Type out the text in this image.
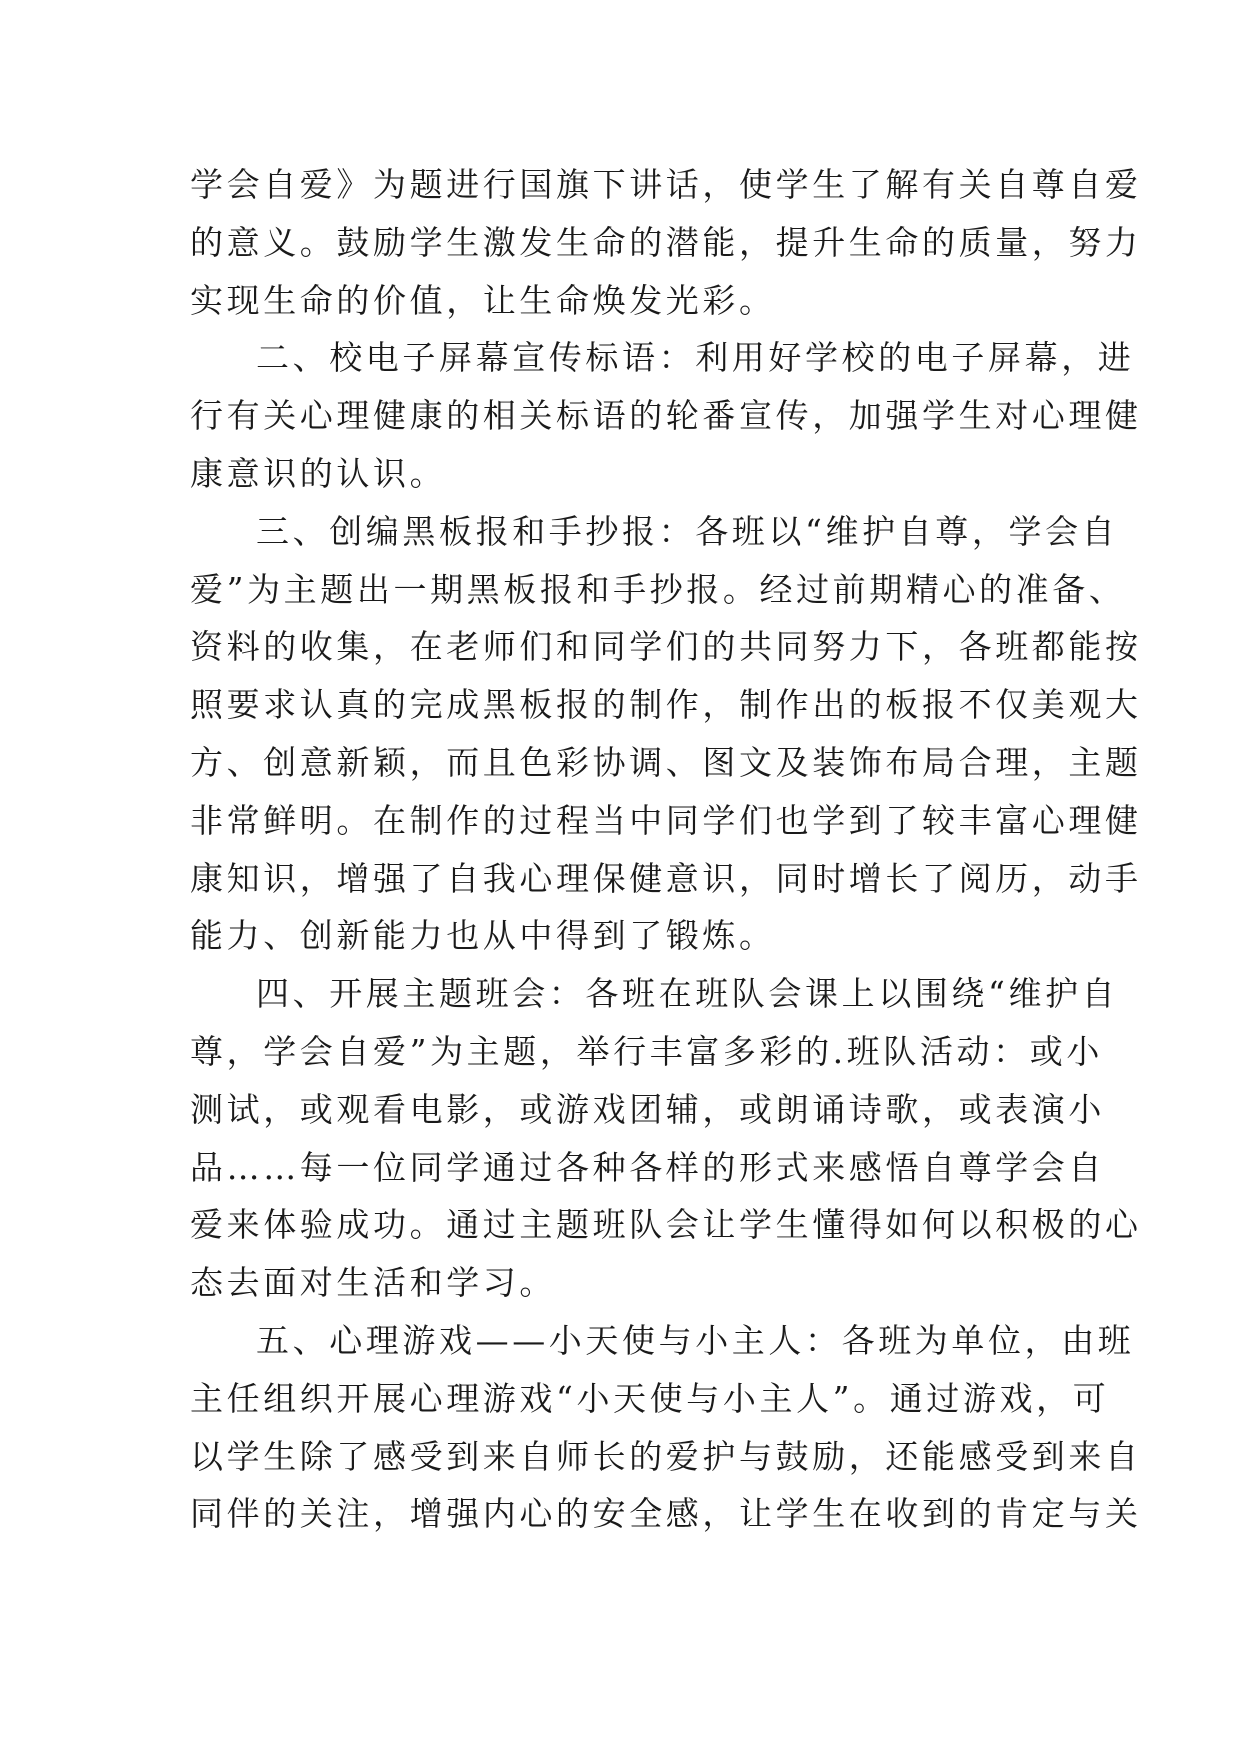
学会自爱》为题进行国旗下讲话，使学生了解有关自尊自爱
的意义。鼓励学生激发生命的潜能，提升生命的质量，努力
实现生命的价值，让生命焕发光彩。
二、校电子屏幕宣传标语：利用好学校的电子屏幕，进
行有关心理健康的相关标语的轮番宣传，加强学生对心理健
康意识的认识。
三、创编黑板报和手抄报：各班以“维护自尊，学会自
爱”为主题出一期黑板报和手抄报。经过前期精心的准备、
资料的收集，在老师们和同学们的共同努力下，各班都能按
照要求认真的完成黑板报的制作，制作出的板报不仅美观大
方、创意新颖，而且色彩协调、图文及装饰布局合理，主题
非常鲜明。在制作的过程当中同学们也学到了较丰富心理健
康知识，增强了自我心理保健意识，同时增长了阅历，动手
能力、创新能力也从中得到了锻炼。
四、开展主题班会：各班在班队会课上以围绕“维护自
尊，学会自爱”为主题，举行丰富多彩的.班队活动：或小
测试，或观看电影，或游戏团辅，或朗诵诗歌，或表演小
品……每一位同学通过各种各样的形式来感悟自尊学会自
爱来体验成功。通过主题班队会让学生懂得如何以积极的心
态去面对生活和学习。
五、心理游戏——小天使与小主人：各班为单位，由班
主任组织开展心理游戏“小天使与小主人”。通过游戏，可
以学生除了感受到来自师长的爱护与鼓励，还能感受到来自
同伴的关注，增强内心的安全感，让学生在收到的肯定与关
